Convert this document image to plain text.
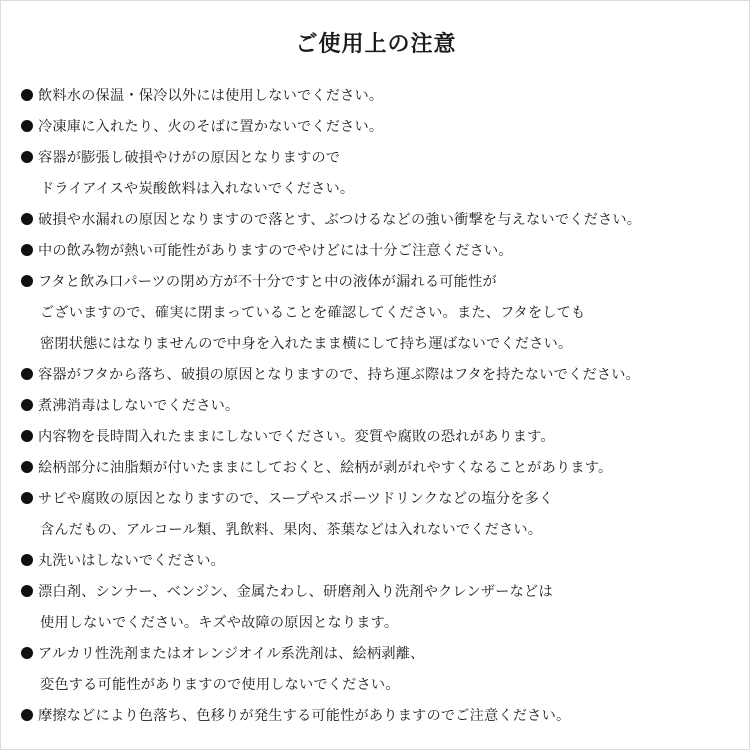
ご使用上の注意
飲料水の保温・保冷以外には使用しないでください。
冷凍庫に入れたり、火のそばに置かないでください。
容器が膨張し破損やけがの原因となりますので
ドライアイスや炭酸飲料は入れないでください。
破損や水漏れの原因となりますので落とす、ぶつけるなどの強い衝撃を与えないでください。
中の飲み物が熱い可能性がありますのでやけどには十分ご注意ください。
フタと飲み口パーツの閉め方が不十分ですと中の液体が漏れる可能性が
ございますので、確実に閉まっていることを確認してください。また、フタをしても
密閉状態にはなりませんので中身を入れたまま横にして持ち運ばないでください。
容器がフタから落ち、破損の原因となりますので、持ち運ぶ際はフタを持たないでください。
煮沸消毒はしないでください。
内容物を長時間入れたままにしないでください。変質や腐敗の恐れがあります。
絵柄部分に油脂類が付いたままにしておくと、絵柄が剥がれやすくなることがあります。
サビや腐敗の原因となりますので、スープやスポーツドリンクなどの塩分を多く
含んだもの、アルコール類、乳飲料、果肉、茶葉などは入れないでください。
丸洗いはしないでください。
漂白剤、シンナー、ベンジン、金属たわし、研磨剤入り洗剤やクレンザーなどは
使用しないでください。キズや故障の原因となります。
アルカリ性洗剤またはオレンジオイル系洗剤は、絵柄剥離、
変色する可能性がありますので使用しないでください。
摩擦などにより色落ち、色移りが発生する可能性がありますのでご注意ください。
